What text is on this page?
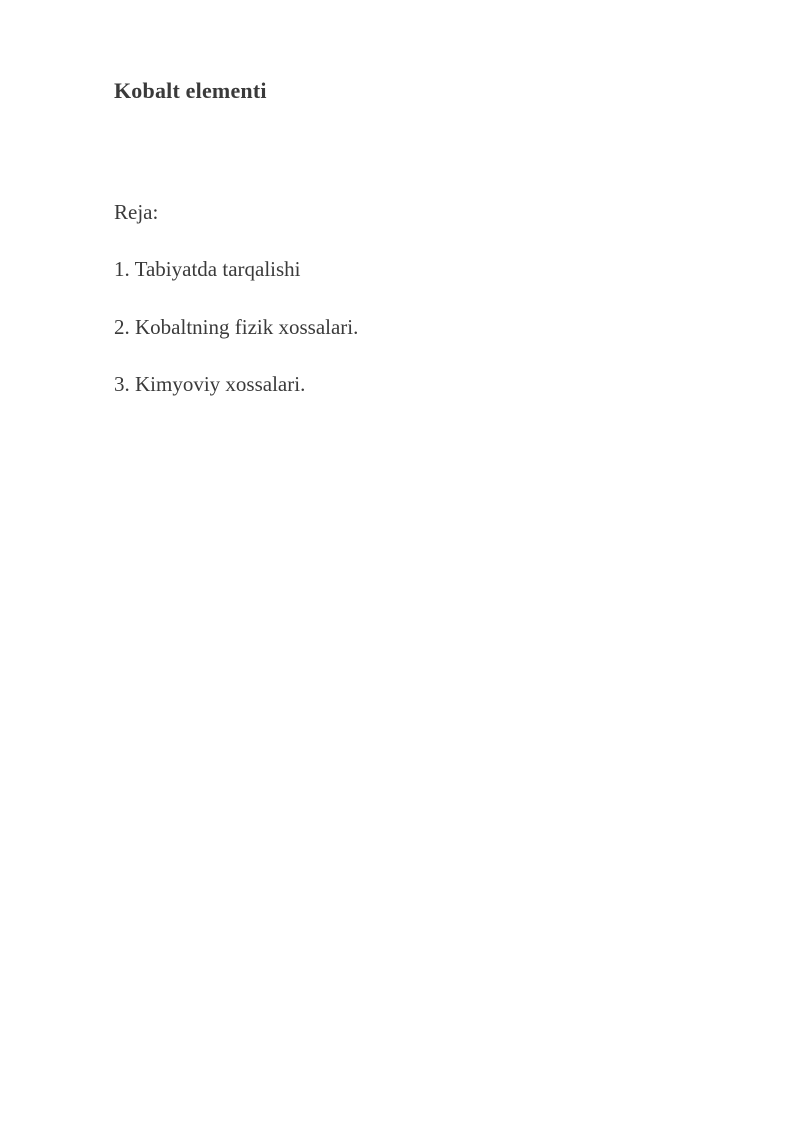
Kobalt elementi

Reja:

1. Tabiyatda tarqalishi

2. Kobaltning fizik xossalari.

3. Kimyoviy xossalari.
